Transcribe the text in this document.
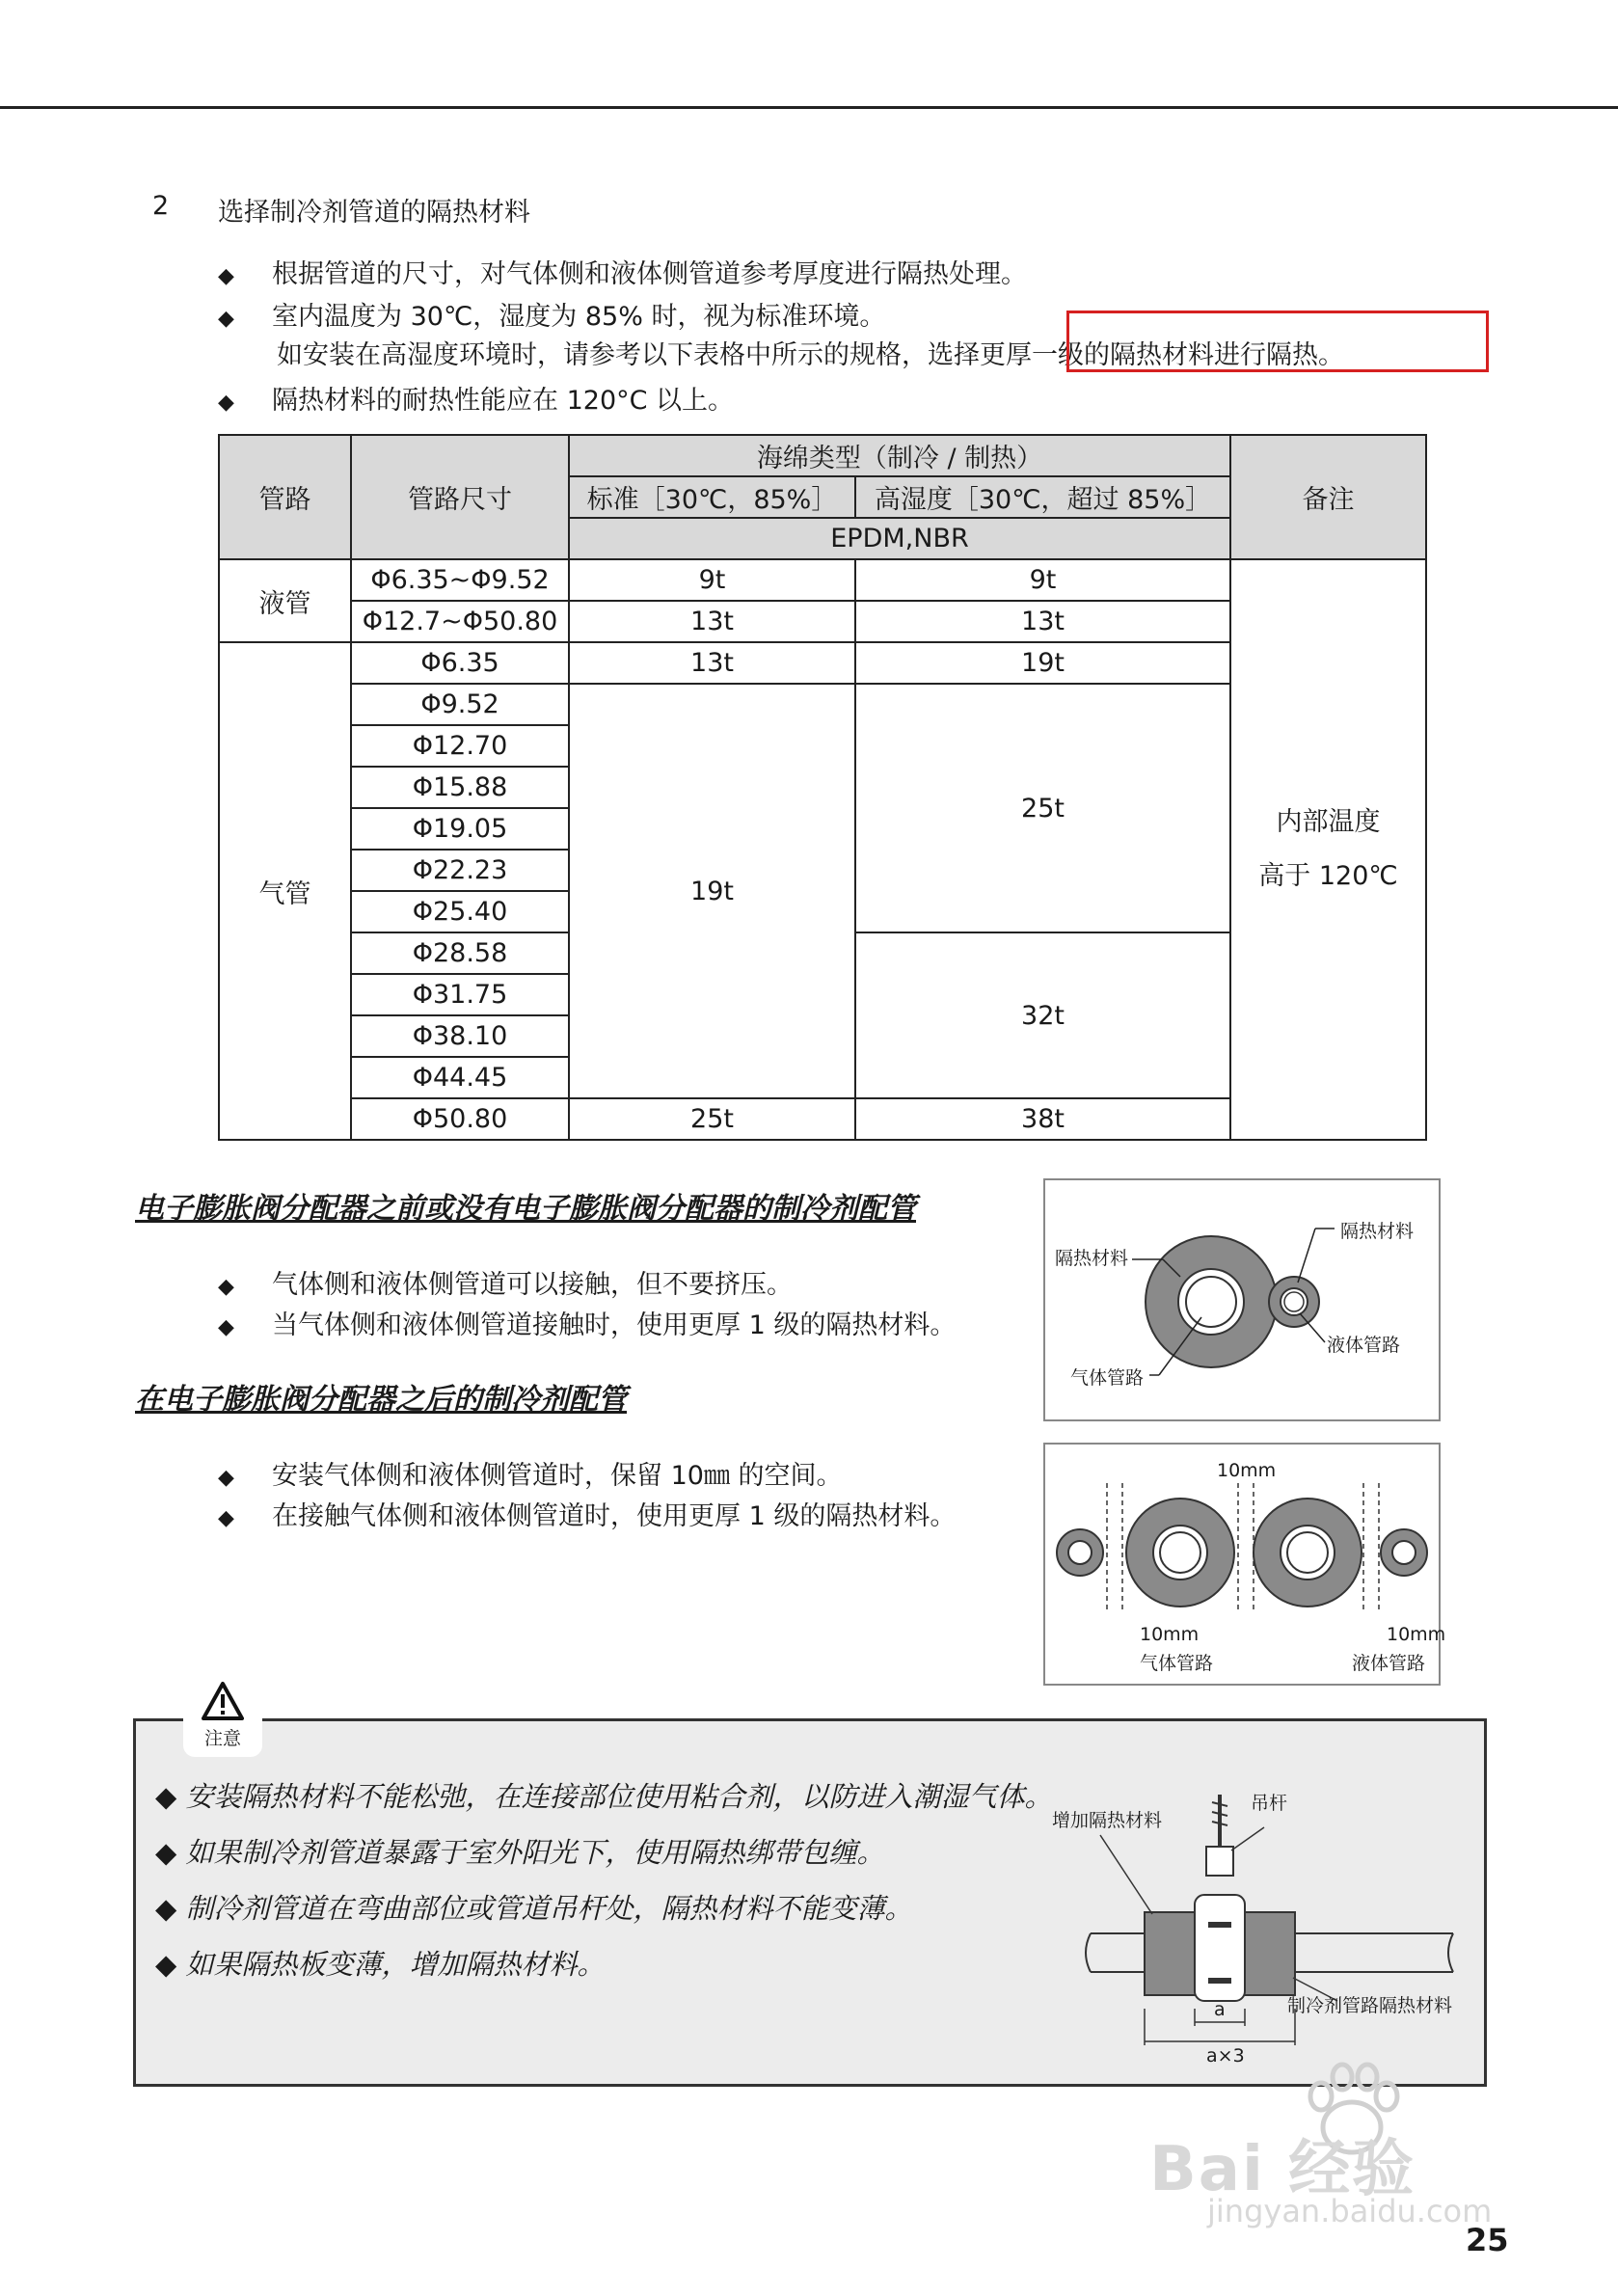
2 选择制冷剂管道的隔热材料
◆ 根据管道的尺寸，对气体侧和液体侧管道参考厚度进行隔热处理。
◆ 室内温度为 30℃，湿度为 85% 时，视为标准环境。
如安装在高湿度环境时，请参考以下表格中所示的规格，选择更厚一级的隔热材料进行隔热。
◆ 隔热材料的耐热性能应在 120°C 以上。
管路	管路尺寸	海绵类型（制冷 / 制热）		备注
		标准［30℃，85%］	高湿度［30℃，超过 85%］	
		EPDM,NBR		
液管	Φ6.35~Φ9.52	9t	9t	内部温度
高于 120℃

	Φ12.7~Φ50.80	13t	13t	
气管	Φ6.35	13t	19t	
	Φ9.52	19t	25t	
	Φ12.70			
	Φ15.88			
	Φ19.05			
	Φ22.23			
	Φ25.40			
	Φ28.58		32t	
	Φ31.75			
	Φ38.10			
	Φ44.45			
	Φ50.80	25t	38t	
电子膨胀阀分配器之前或没有电子膨胀阀分配器的制冷剂配管
◆ 气体侧和液体侧管道可以接触，但不要挤压。
◆ 当气体侧和液体侧管道接触时，使用更厚 1 级的隔热材料。
隔热材料
隔热材料
气体管路
液体管路
在电子膨胀阀分配器之后的制冷剂配管
◆ 安装气体侧和液体侧管道时，保留 10㎜ 的空间。
◆ 在接触气体侧和液体侧管道时，使用更厚 1 级的隔热材料。
10mm
10mm	10mm
气体管路	液体管路
◆ 安装隔热材料不能松弛，在连接部位使用粘合剂，以防进入潮湿气体。
◆ 如果制冷剂管道暴露于室外阳光下，使用隔热绑带包缠。
◆ 制冷剂管道在弯曲部位或管道吊杆处，隔热材料不能变薄。
◆ 如果隔热板变薄，增加隔热材料。
增加隔热材料
吊杆
制冷剂管路隔热材料
a
a×3
注意
Bai 经验
jingyan.baidu.com
25
